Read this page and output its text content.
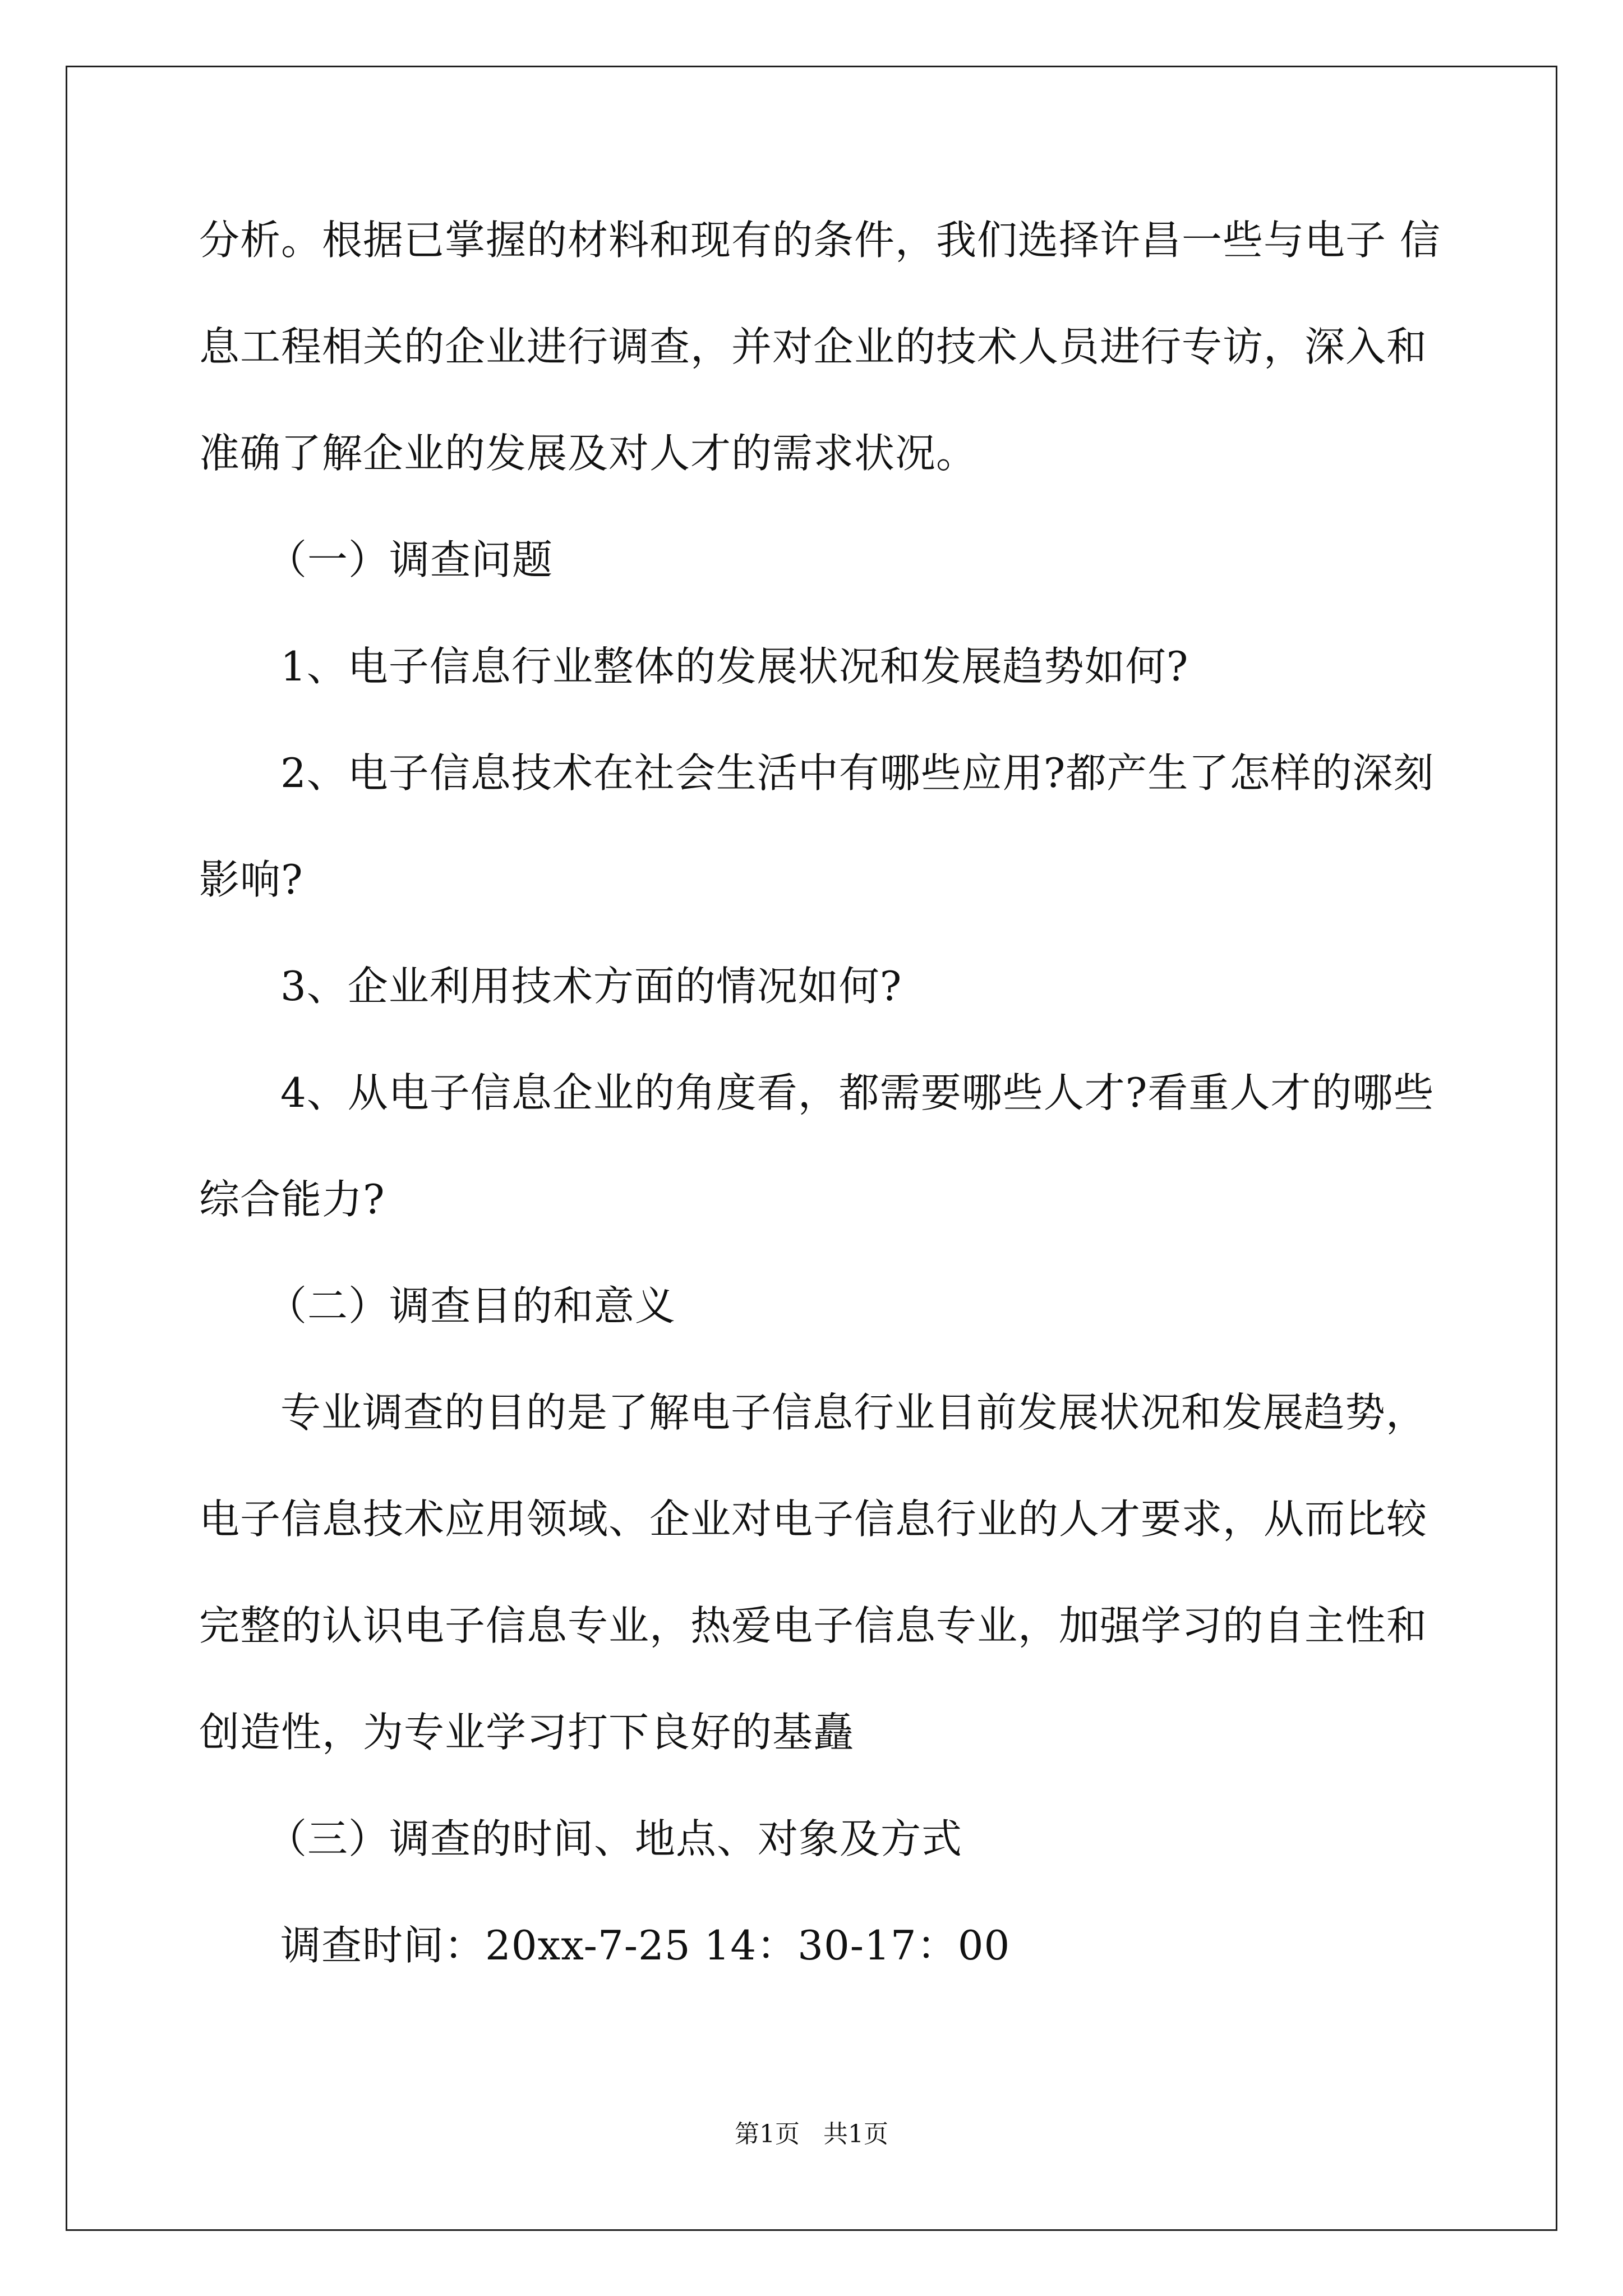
分析。根据已掌握的材料和现有的条件，我们选择许昌一些与电子 信
息工程相关的企业进行调查，并对企业的技术人员进行专访，深入和
准确了解企业的发展及对人才的需求状况。
（一）调查问题
1、电子信息行业整体的发展状况和发展趋势如何?
2、电子信息技术在社会生活中有哪些应用?都产生了怎样的深刻
影响?
3、企业利用技术方面的情况如何?
4、从电子信息企业的角度看，都需要哪些人才?看重人才的哪些
综合能力?
（二）调查目的和意义
专业调查的目的是了解电子信息行业目前发展状况和发展趋势，
电子信息技术应用领域、企业对电子信息行业的人才要求，从而比较
完整的认识电子信息专业，热爱电子信息专业，加强学习的自主性和
创造性，为专业学习打下良好的基矗
（三）调查的时间、地点、对象及方式
调查时间：20xx-7-25 14：30-17：00
第1页   共1页
